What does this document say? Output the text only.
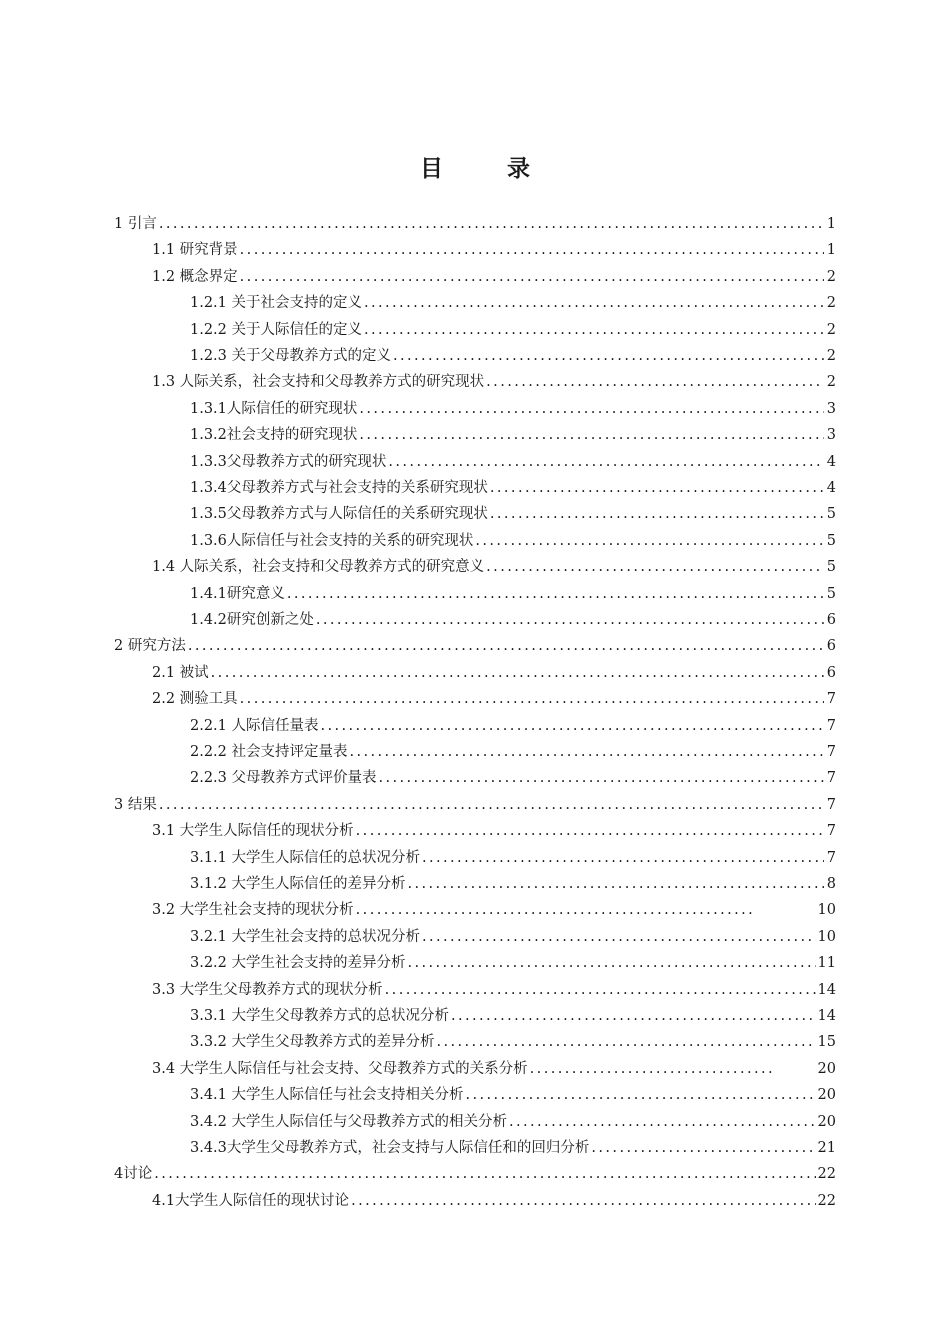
目 录
1 引言 .....	1
1.1 研究背景 .....	1
1.2 概念界定 .....	2
1.2.1 关于社会支持的定义 .....	2
1.2.2 关于人际信任的定义 .....	2
1.2.3 关于父母教养方式的定义 .....	2
1.3 人际关系，社会支持和父母教养方式的研究现状 .....	2
1.3.1人际信任的研究现状 .....	3
1.3.2社会支持的研究现状 .....	3
1.3.3父母教养方式的研究现状 .....	4
1.3.4父母教养方式与社会支持的关系研究现状 .....	4
1.3.5父母教养方式与人际信任的关系研究现状 .....	5
1.3.6人际信任与社会支持的关系的研究现状 .....	5
1.4 人际关系，社会支持和父母教养方式的研究意义 .....	5
1.4.1研究意义 .....	5
1.4.2研究创新之处 .....	6
2 研究方法 .....	6
2.1 被试 .....	6
2.2 测验工具 .....	7
2.2.1 人际信任量表 .....	7
2.2.2 社会支持评定量表 .....	7
2.2.3 父母教养方式评价量表 .....	7
3 结果 .....	7
3.1 大学生人际信任的现状分析 .....	7
3.1.1 大学生人际信任的总状况分析 .....	7
3.1.2 大学生人际信任的差异分析 .....	8
3.2 大学生社会支持的现状分析 .....	10
3.2.1 大学生社会支持的总状况分析 .....	10
3.2.2 大学生社会支持的差异分析 .....	11
3.3 大学生父母教养方式的现状分析 .....	14
3.3.1 大学生父母教养方式的总状况分析 .....	14
3.3.2 大学生父母教养方式的差异分析 .....	15
3.4 大学生人际信任与社会支持、父母教养方式的关系分析 .....	20
3.4.1 大学生人际信任与社会支持相关分析 .....	20
3.4.2 大学生人际信任与父母教养方式的相关分析 .....	20
3.4.3大学生父母教养方式，社会支持与人际信任和的回归分析 .....	21
4讨论 .....	22
4.1大学生人际信任的现状讨论 .....	22
